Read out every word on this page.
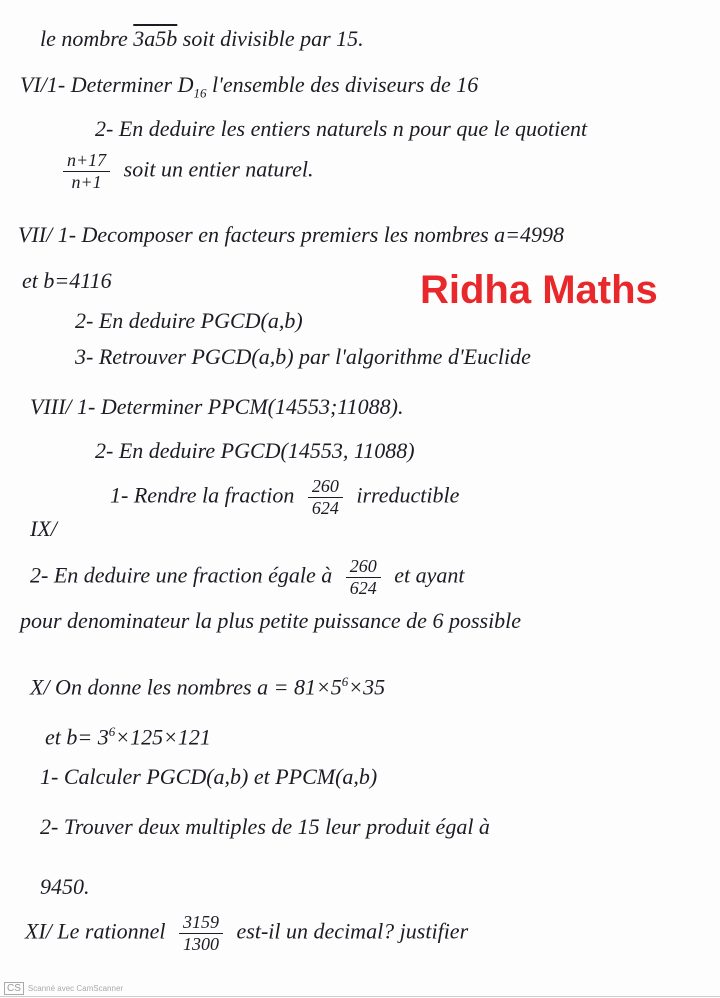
le nombre 3a5b soit divisible par 15.
VI/1- Determiner $D_{16}$ l'ensemble des diviseurs de 16
2- En deduire les entiers naturels n pour que le quotient
$\frac{n+17}{n+1}$ soit un entier naturel.
VII/ 1- Decomposer en facteurs premiers les nombres a=4998
et b=4116	Ridha Maths
2- En deduire PGCD(a,b)
3- Retrouver PGCD(a,b) par l'algorithme d'Euclide
VIII/ 1- Determiner PPCM(14553;11088).
2- En deduire PGCD(14553, 11088)
1- Rendre la fraction $\frac{260}{624}$ irreductible
IX/
2- En deduire une fraction égale à $\frac{260}{624}$ et ayant
pour denominateur la plus petite puissance de 6 possible
X/ On donne les nombres $a = 81\times 5^6\times 35$
et $b= 3^6\times 125\times 121$
1- Calculer PGCD(a,b) et PPCM(a,b)
2- Trouver deux multiples de 15 leur produit égal à
9450.
XI/ Le rationnel $\frac{3159}{1300} est-il$ un decimal? justifier
CS Scanné avec CamScanner
